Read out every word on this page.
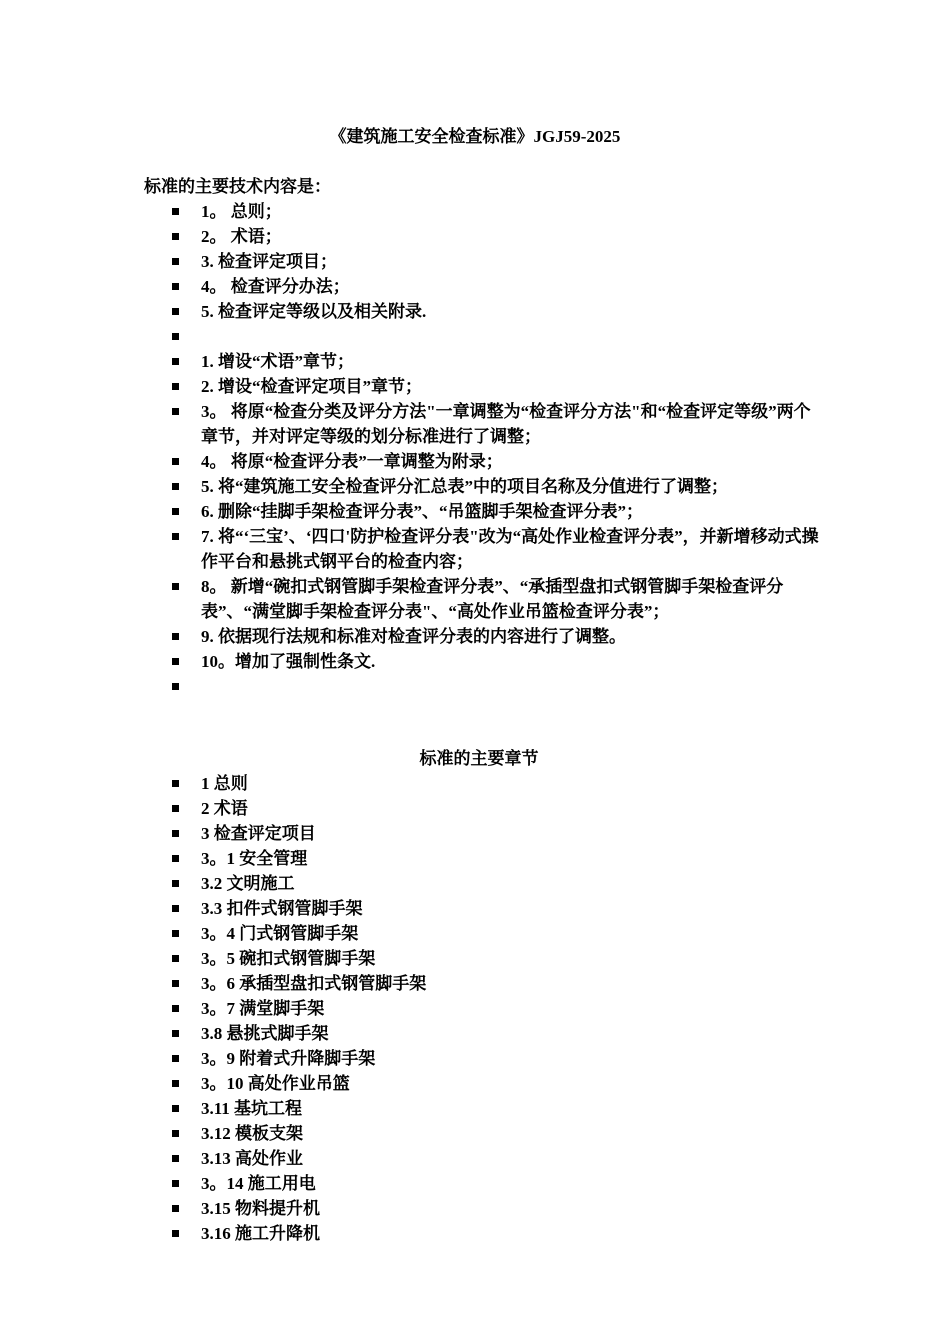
《建筑施工安全检查标准》JGJ59-2025

标准的主要技术内容是：

1。 总则；
2。 术语；
3. 检查评定项目；
4。 检查评分办法；
5. 检查评定等级以及相关附录.
1. 增设“术语”章节；
2. 增设“检查评定项目”章节；
3。 将原“检查分类及评分方法"一章调整为“检查评分方法"和“检查评定等级”两个章节，并对评定等级的划分标准进行了调整；
4。 将原“检查评分表”一章调整为附录；
5. 将“建筑施工安全检查评分汇总表”中的项目名称及分值进行了调整；
6. 删除“挂脚手架检查评分表”、“吊篮脚手架检查评分表”；
7. 将“‘三宝’、‘四口'防护检查评分表"改为“高处作业检查评分表”，并新增移动式操作平台和悬挑式钢平台的检查内容；
8。 新增“碗扣式钢管脚手架检查评分表”、“承插型盘扣式钢管脚手架检查评分表”、“满堂脚手架检查评分表"、“高处作业吊篮检查评分表”；
9. 依据现行法规和标准对检查评分表的内容进行了调整。
10。增加了强制性条文.
标准的主要章节
1 总则
2 术语
3 检查评定项目
3。1 安全管理
3.2 文明施工
3.3 扣件式钢管脚手架
3。4 门式钢管脚手架
3。5 碗扣式钢管脚手架
3。6 承插型盘扣式钢管脚手架
3。7 满堂脚手架
3.8 悬挑式脚手架
3。9 附着式升降脚手架
3。10 高处作业吊篮
3.11 基坑工程
3.12 模板支架
3.13 高处作业
3。14 施工用电
3.15 物料提升机
3.16 施工升降机
